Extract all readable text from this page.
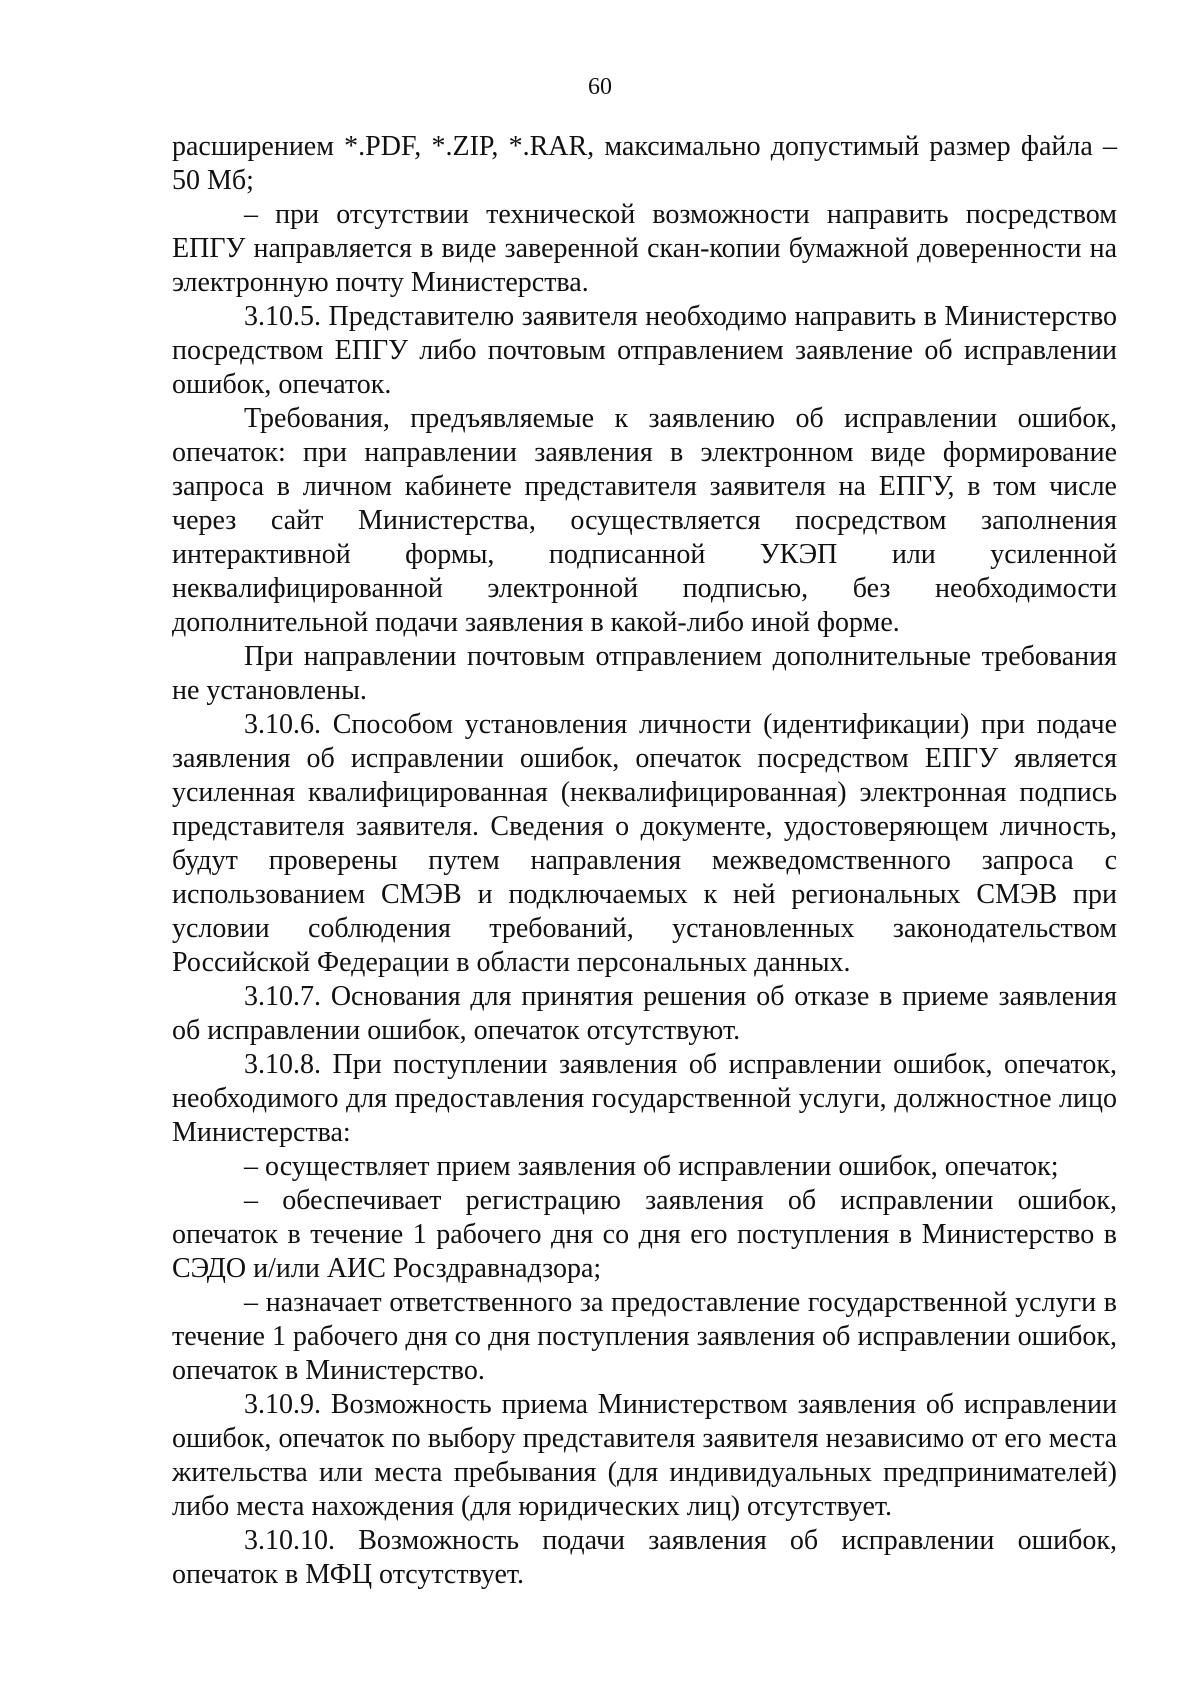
60

расширением *.PDF, *.ZIP, *.RAR, максимально допустимый размер файла – 50 Мб;

– при отсутствии технической возможности направить посредством ЕПГУ направляется в виде заверенной скан-копии бумажной доверенности на электронную почту Министерства.

3.10.5. Представителю заявителя необходимо направить в Министерство посредством ЕПГУ либо почтовым отправлением заявление об исправлении ошибок, опечаток.

Требования, предъявляемые к заявлению об исправлении ошибок, опечаток: при направлении заявления в электронном виде формирование запроса в личном кабинете представителя заявителя на ЕПГУ, в том числе через сайт Министерства, осуществляется посредством заполнения интерактивной формы, подписанной УКЭП или усиленной неквалифицированной электронной подписью, без необходимости дополнительной подачи заявления в какой-либо иной форме.

При направлении почтовым отправлением дополнительные требования не установлены.

3.10.6. Способом установления личности (идентификации) при подаче заявления об исправлении ошибок, опечаток посредством ЕПГУ является усиленная квалифицированная (неквалифицированная) электронная подпись представителя заявителя. Сведения о документе, удостоверяющем личность, будут проверены путем направления межведомственного запроса с использованием СМЭВ и подключаемых к ней региональных СМЭВ при условии соблюдения требований, установленных законодательством Российской Федерации в области персональных данных.

3.10.7. Основания для принятия решения об отказе в приеме заявления об исправлении ошибок, опечаток отсутствуют.

3.10.8. При поступлении заявления об исправлении ошибок, опечаток, необходимого для предоставления государственной услуги, должностное лицо Министерства:

– осуществляет прием заявления об исправлении ошибок, опечаток;

– обеспечивает регистрацию заявления об исправлении ошибок, опечаток в течение 1 рабочего дня со дня его поступления в Министерство в СЭДО и/или АИС Росздравнадзора;

– назначает ответственного за предоставление государственной услуги в течение 1 рабочего дня со дня поступления заявления об исправлении ошибок, опечаток в Министерство.

3.10.9. Возможность приема Министерством заявления об исправлении ошибок, опечаток по выбору представителя заявителя независимо от его места жительства или места пребывания (для индивидуальных предпринимателей) либо места нахождения (для юридических лиц) отсутствует.

3.10.10. Возможность подачи заявления об исправлении ошибок, опечаток в МФЦ отсутствует.
